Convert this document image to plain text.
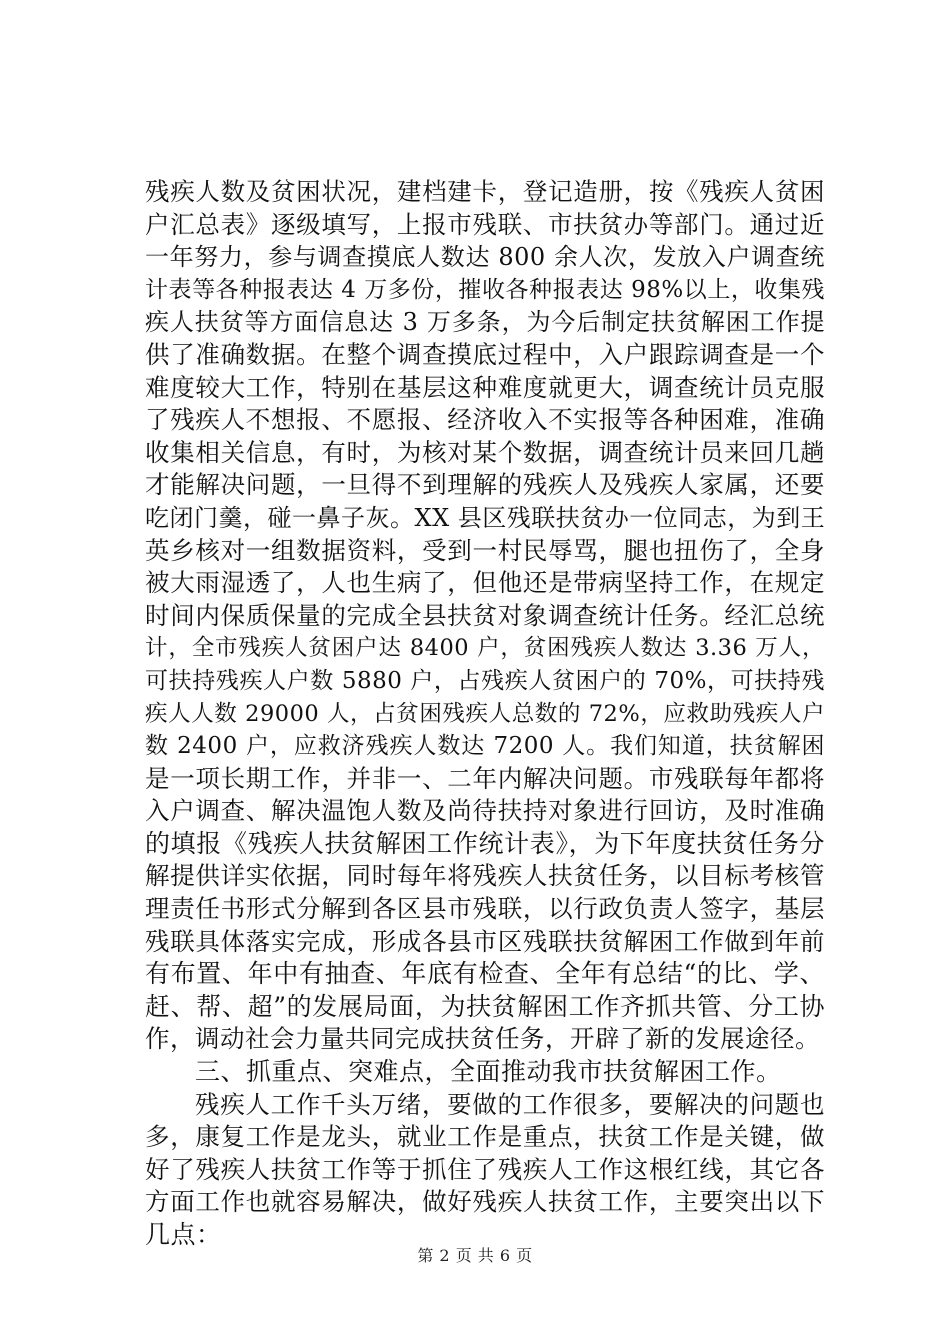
残疾人数及贫困状况，建档建卡，登记造册，按《残疾人贫困
户汇总表》逐级填写，上报市残联、市扶贫办等部门。通过近
一年努力，参与调查摸底人数达 800 余人次，发放入户调查统
计表等各种报表达 4 万多份，摧收各种报表达 98%以上，收集残
疾人扶贫等方面信息达 3 万多条，为今后制定扶贫解困工作提
供了准确数据。在整个调查摸底过程中，入户跟踪调查是一个
难度较大工作，特别在基层这种难度就更大，调查统计员克服
了残疾人不想报、不愿报、经济收入不实报等各种困难，准确
收集相关信息，有时，为核对某个数据，调查统计员来回几趟
才能解决问题，一旦得不到理解的残疾人及残疾人家属，还要
吃闭门羹，碰一鼻子灰。XX 县区残联扶贫办一位同志，为到王
英乡核对一组数据资料，受到一村民辱骂，腿也扭伤了，全身
被大雨湿透了，人也生病了，但他还是带病坚持工作，在规定
时间内保质保量的完成全县扶贫对象调查统计任务。经汇总统
计，全市残疾人贫困户达 8400 户，贫困残疾人数达 3.36 万人，
可扶持残疾人户数 5880 户，占残疾人贫困户的 70%，可扶持残
疾人人数 29000 人，占贫困残疾人总数的 72%，应救助残疾人户
数 2400 户，应救济残疾人数达 7200 人。我们知道，扶贫解困
是一项长期工作，并非一、二年内解决问题。市残联每年都将
入户调查、解决温饱人数及尚待扶持对象进行回访，及时准确
的填报《残疾人扶贫解困工作统计表》，为下年度扶贫任务分
解提供详实依据，同时每年将残疾人扶贫任务，以目标考核管
理责任书形式分解到各区县市残联，以行政负责人签字，基层
残联具体落实完成，形成各县市区残联扶贫解困工作做到年前
有布置、年中有抽查、年底有检查、全年有总结“的比、学、
赶、帮、超”的发展局面，为扶贫解困工作齐抓共管、分工协
作，调动社会力量共同完成扶贫任务，开辟了新的发展途径。
三、抓重点、突难点，全面推动我市扶贫解困工作。
残疾人工作千头万绪，要做的工作很多，要解决的问题也
多，康复工作是龙头，就业工作是重点，扶贫工作是关键，做
好了残疾人扶贫工作等于抓住了残疾人工作这根红线，其它各
方面工作也就容易解决，做好残疾人扶贫工作，主要突出以下
几点：
第 2 页 共 6 页
